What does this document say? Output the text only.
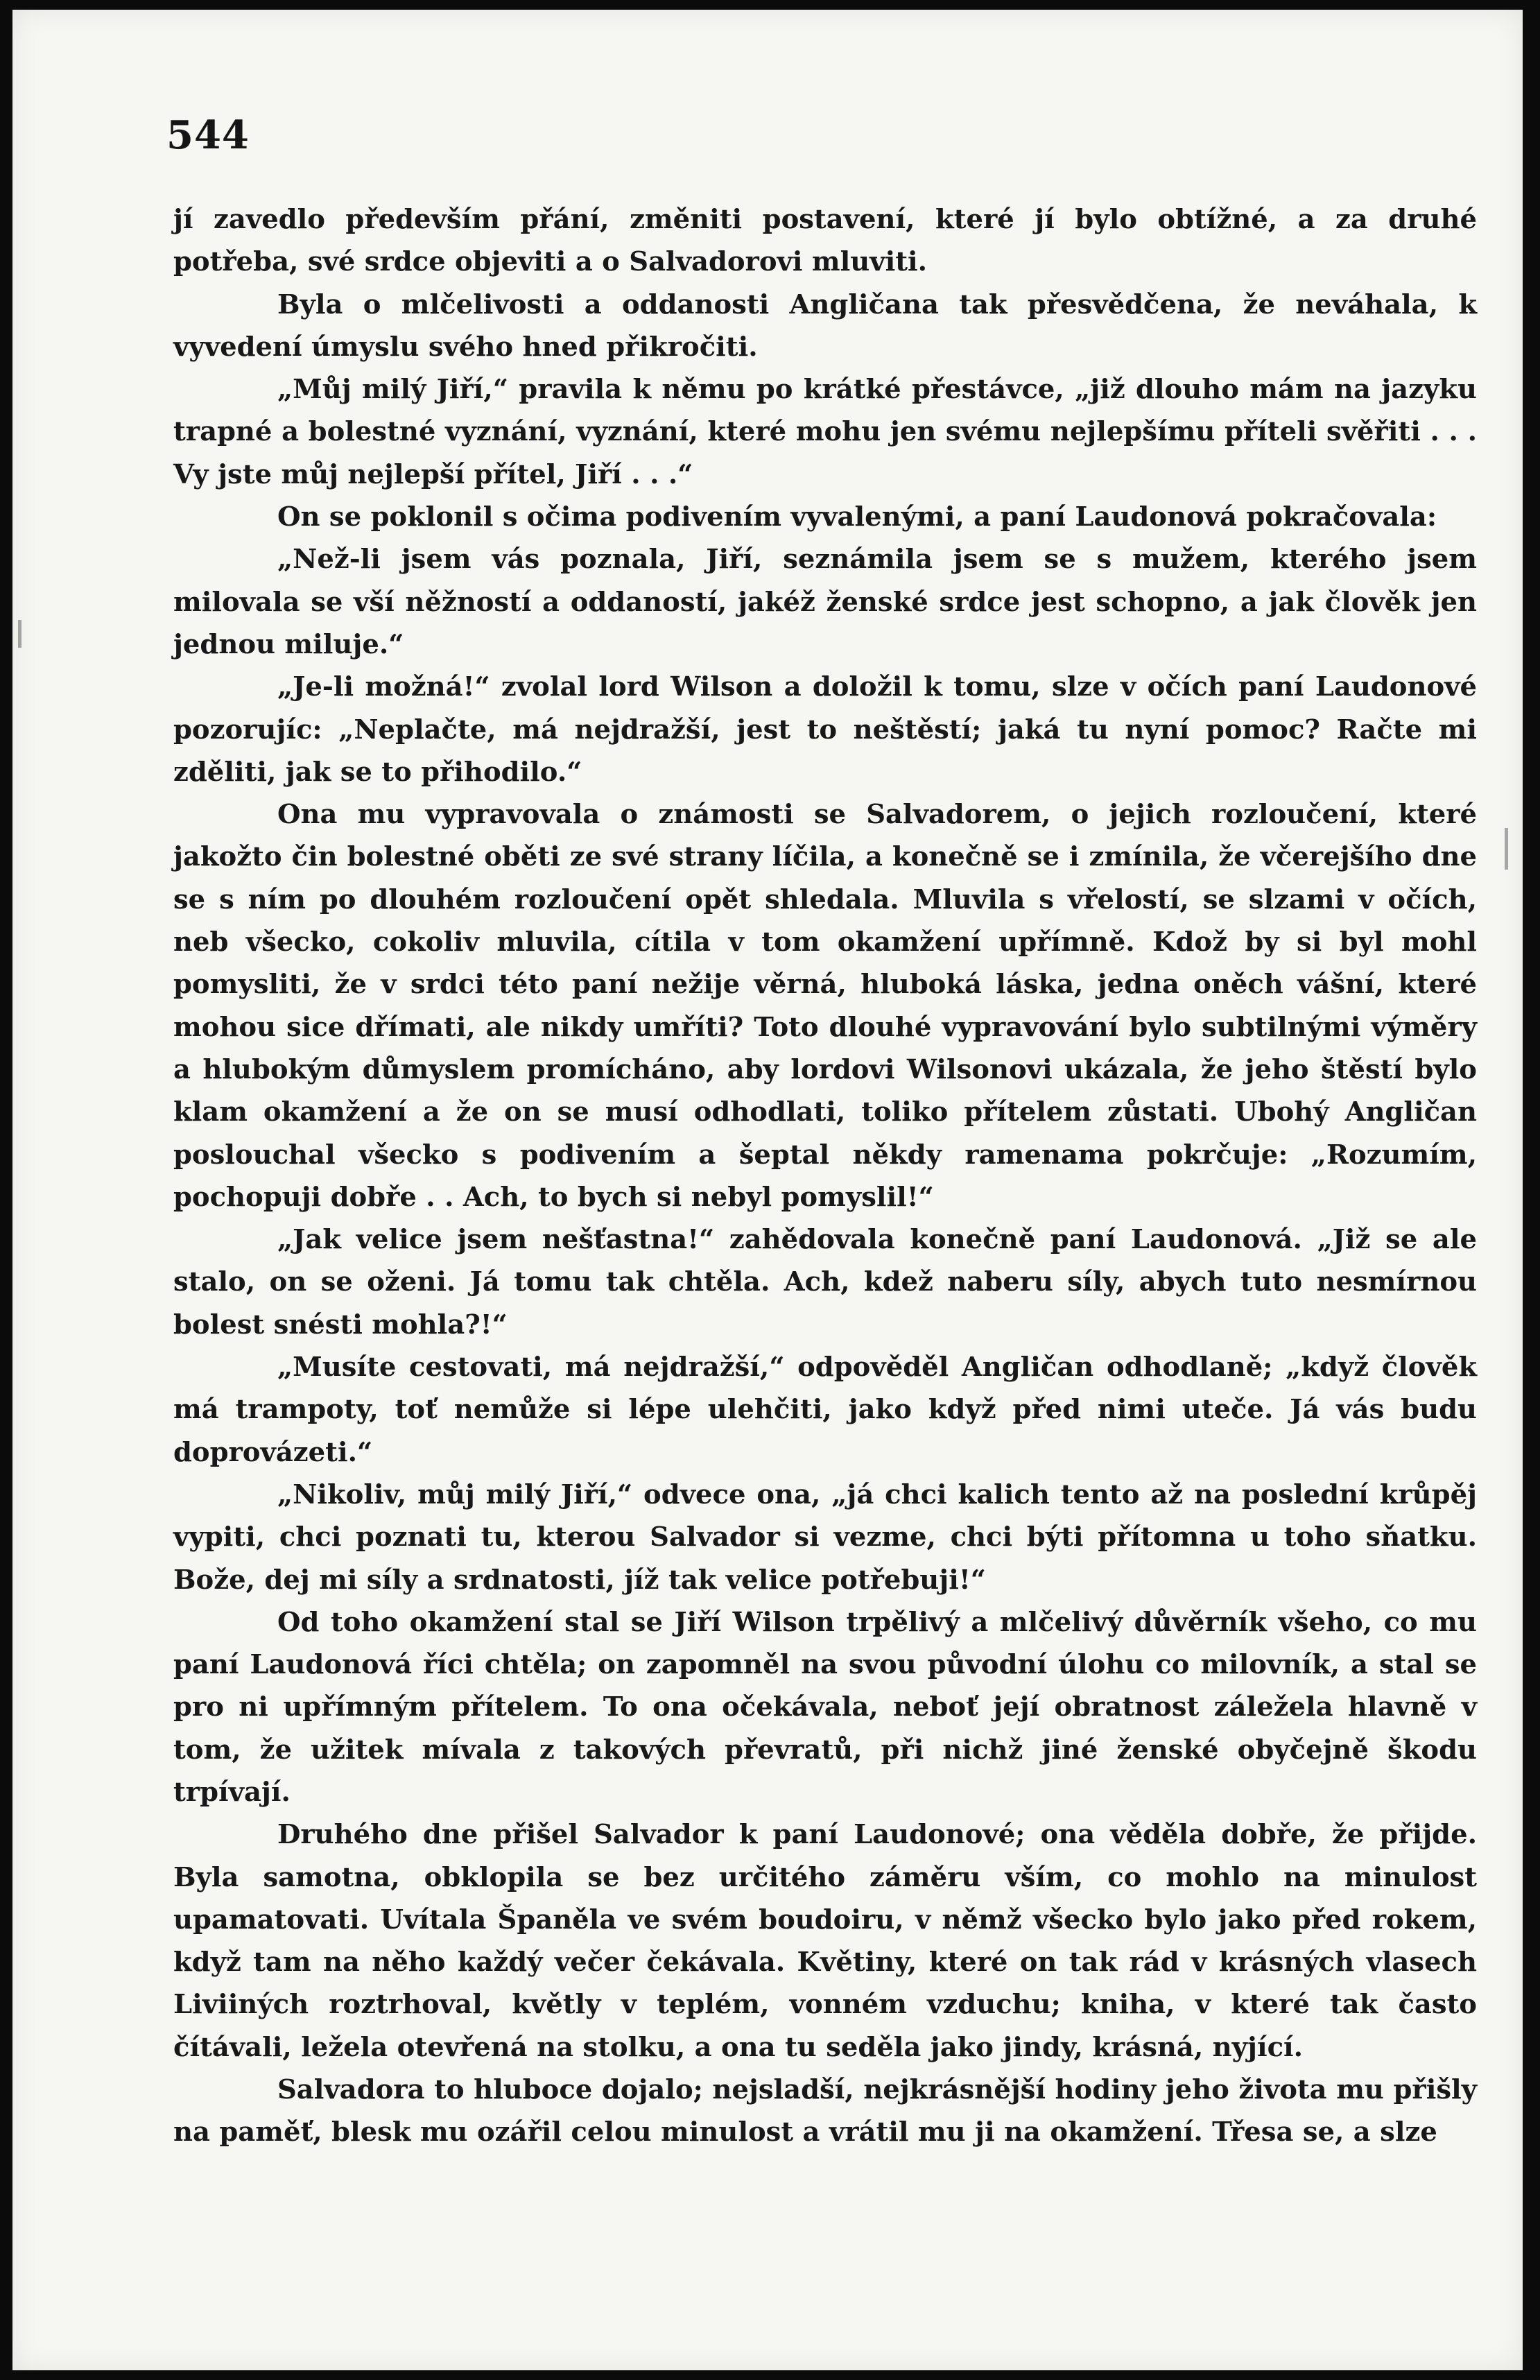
544

jí zavedlo především přání, změniti postavení, které jí bylo obtížné, a za druhé potřeba, své srdce objeviti a o Salvadorovi mluviti.

Byla o mlčelivosti a oddanosti Angličana tak přesvědčena, že neváhala, k vyvedení úmyslu svého hned přikročiti.

„Můj milý Jiří,“ pravila k němu po krátké přestávce, „již dlouho mám na jazyku trapné a bolestné vyznání, vyznání, které mohu jen svému nejlepšímu příteli svěřiti . . . Vy jste můj nejlepší přítel, Jiří . . .“

On se poklonil s očima podivením vyvalenými, a paní Laudonová pokračovala:

„Než-li jsem vás poznala, Jiří, seznámila jsem se s mužem, kterého jsem milovala se vší něžností a oddaností, jakéž ženské srdce jest schopno, a jak člověk jen jednou miluje.“

„Je-li možná!“ zvolal lord Wilson a doložil k tomu, slze v očích paní Laudonové pozorujíc: „Neplačte, má nejdražší, jest to neštěstí; jaká tu nyní pomoc? Račte mi zděliti, jak se to přihodilo.“

Ona mu vypravovala o známosti se Salvadorem, o jejich rozloučení, které jakožto čin bolestné oběti ze své strany líčila, a konečně se i zmínila, že včerejšího dne se s ním po dlouhém rozloučení opět shledala. Mluvila s vřelostí, se slzami v očích, neb všecko, cokoliv mluvila, cítila v tom okamžení upřímně. Kdož by si byl mohl pomysliti, že v srdci této paní nežije věrná, hluboká láska, jedna oněch vášní, které mohou sice dřímati, ale nikdy umříti? Toto dlouhé vypravování bylo subtilnými výměry a hlubokým důmyslem promícháno, aby lordovi Wilsonovi ukázala, že jeho štěstí bylo klam okamžení a že on se musí odhodlati, toliko přítelem zůstati. Ubohý Angličan poslouchal všecko s podivením a šeptal někdy ramenama pokrčuje: „Rozumím, pochopuji dobře . . Ach, to bych si nebyl pomyslil!“

„Jak velice jsem nešťastna!“ zahědovala konečně paní Laudonová. „Již se ale stalo, on se oženi. Já tomu tak chtěla. Ach, kdež naberu síly, abych tuto nesmírnou bolest snésti mohla?!“

„Musíte cestovati, má nejdražší,“ odpověděl Angličan odhodlaně; „když člověk má trampoty, toť nemůže si lépe ulehčiti, jako když před nimi uteče. Já vás budu doprovázeti.“

„Nikoliv, můj milý Jiří,“ odvece ona, „já chci kalich tento až na poslední krůpěj vypiti, chci poznati tu, kterou Salvador si vezme, chci býti přítomna u toho sňatku. Bože, dej mi síly a srdnatosti, jíž tak velice potřebuji!“

Od toho okamžení stal se Jiří Wilson trpělivý a mlčelivý důvěrník všeho, co mu paní Laudonová říci chtěla; on zapomněl na svou původní úlohu co milovník, a stal se pro ni upřímným přítelem. To ona očekávala, neboť její obratnost záležela hlavně v tom, že užitek mívala z takových převratů, při nichž jiné ženské obyčejně škodu trpívají.

Druhého dne přišel Salvador k paní Laudonové; ona věděla dobře, že přijde. Byla samotna, obklopila se bez určitého záměru vším, co mohlo na minulost upamatovati. Uvítala Španěla ve svém boudoiru, v němž všecko bylo jako před rokem, když tam na něho každý večer čekávala. Květiny, které on tak rád v krásných vlasech Liviiných roztrhoval, květly v teplém, vonném vzduchu; kniha, v které tak často čítávali, ležela otevřená na stolku, a ona tu seděla jako jindy, krásná, nyjící.

Salvadora to hluboce dojalo; nejsladší, nejkrásnější hodiny jeho života mu přišly na paměť, blesk mu ozářil celou minulost a vrátil mu ji na okamžení. Třesa se, a slze
